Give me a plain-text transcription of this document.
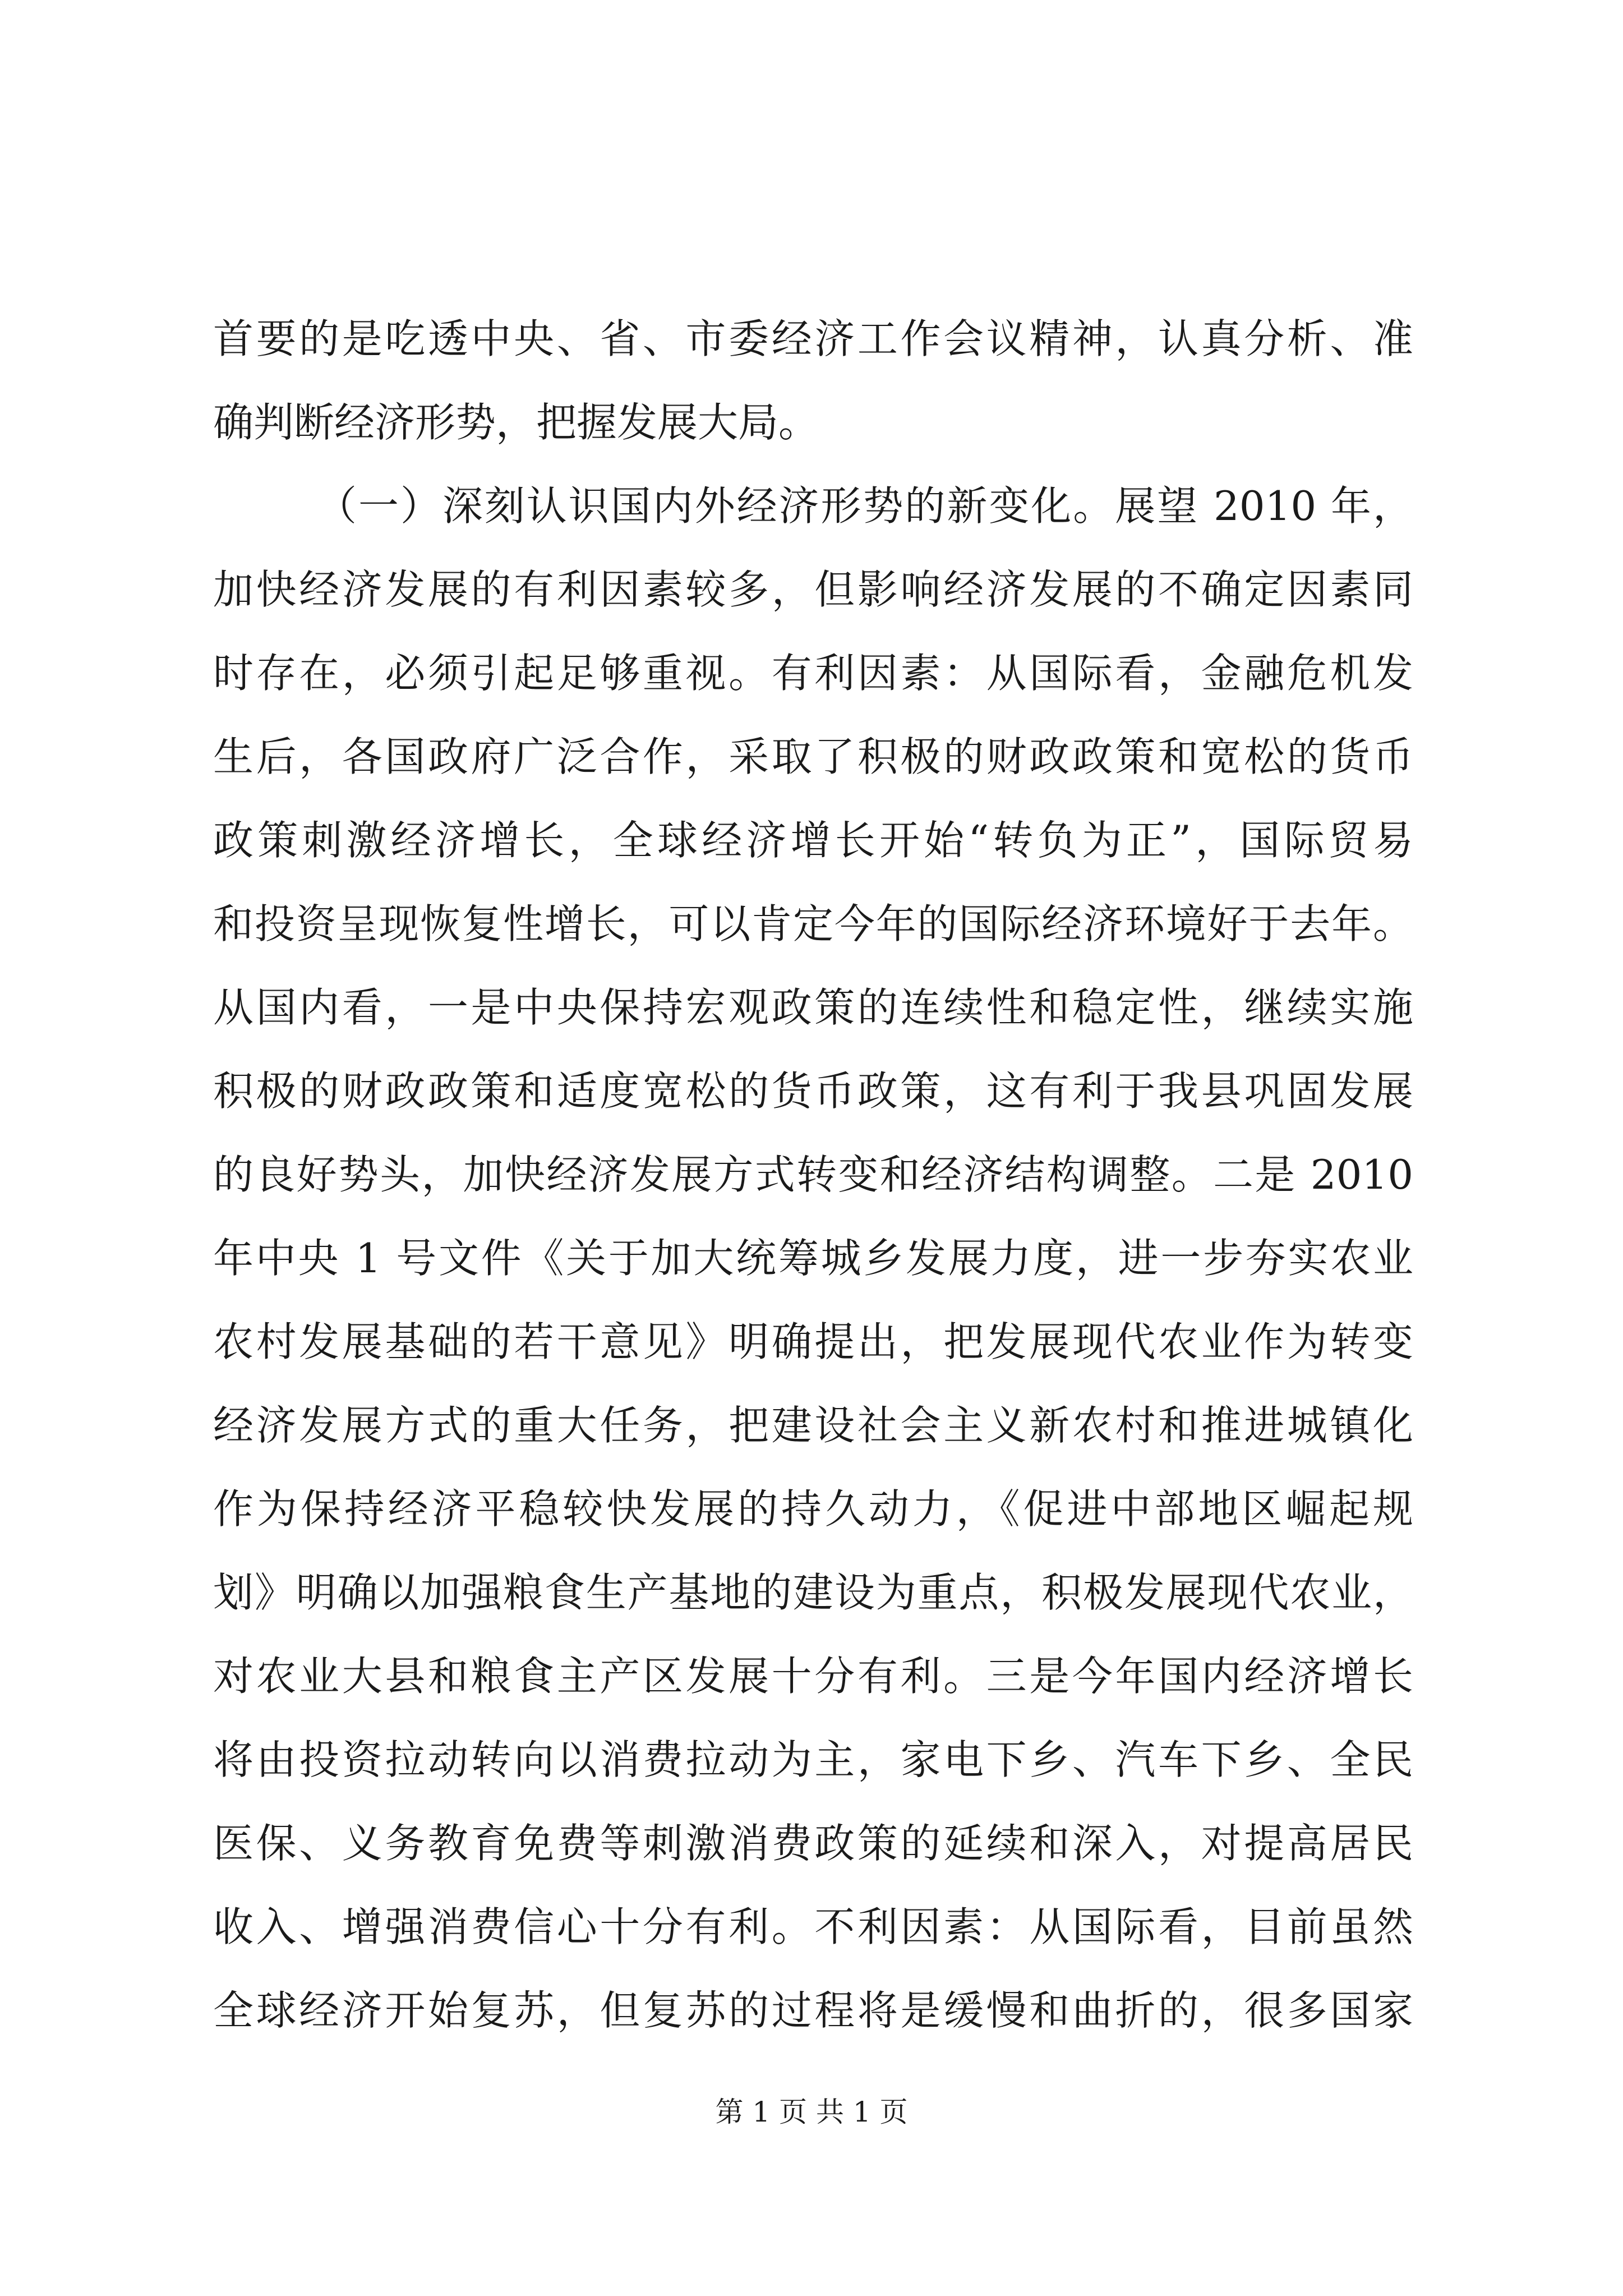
首要的是吃透中央、省、市委经济工作会议精神，认真分析、准
确判断经济形势，把握发展大局。
（一）深刻认识国内外经济形势的新变化。展望 2010 年，
加快经济发展的有利因素较多，但影响经济发展的不确定因素同
时存在，必须引起足够重视。有利因素：从国际看，金融危机发
生后，各国政府广泛合作，采取了积极的财政政策和宽松的货币
政策刺激经济增长，全球经济增长开始“转负为正”，国际贸易
和投资呈现恢复性增长，可以肯定今年的国际经济环境好于去年。
从国内看，一是中央保持宏观政策的连续性和稳定性，继续实施
积极的财政政策和适度宽松的货币政策，这有利于我县巩固发展
的良好势头，加快经济发展方式转变和经济结构调整。二是 2010
年中央 1 号文件《关于加大统筹城乡发展力度，进一步夯实农业
农村发展基础的若干意见》明确提出，把发展现代农业作为转变
经济发展方式的重大任务，把建设社会主义新农村和推进城镇化
作为保持经济平稳较快发展的持久动力，《促进中部地区崛起规
划》明确以加强粮食生产基地的建设为重点，积极发展现代农业，
对农业大县和粮食主产区发展十分有利。三是今年国内经济增长
将由投资拉动转向以消费拉动为主，家电下乡、汽车下乡、全民
医保、义务教育免费等刺激消费政策的延续和深入，对提高居民
收入、增强消费信心十分有利。不利因素：从国际看，目前虽然
全球经济开始复苏，但复苏的过程将是缓慢和曲折的，很多国家
第 1 页 共 1 页
